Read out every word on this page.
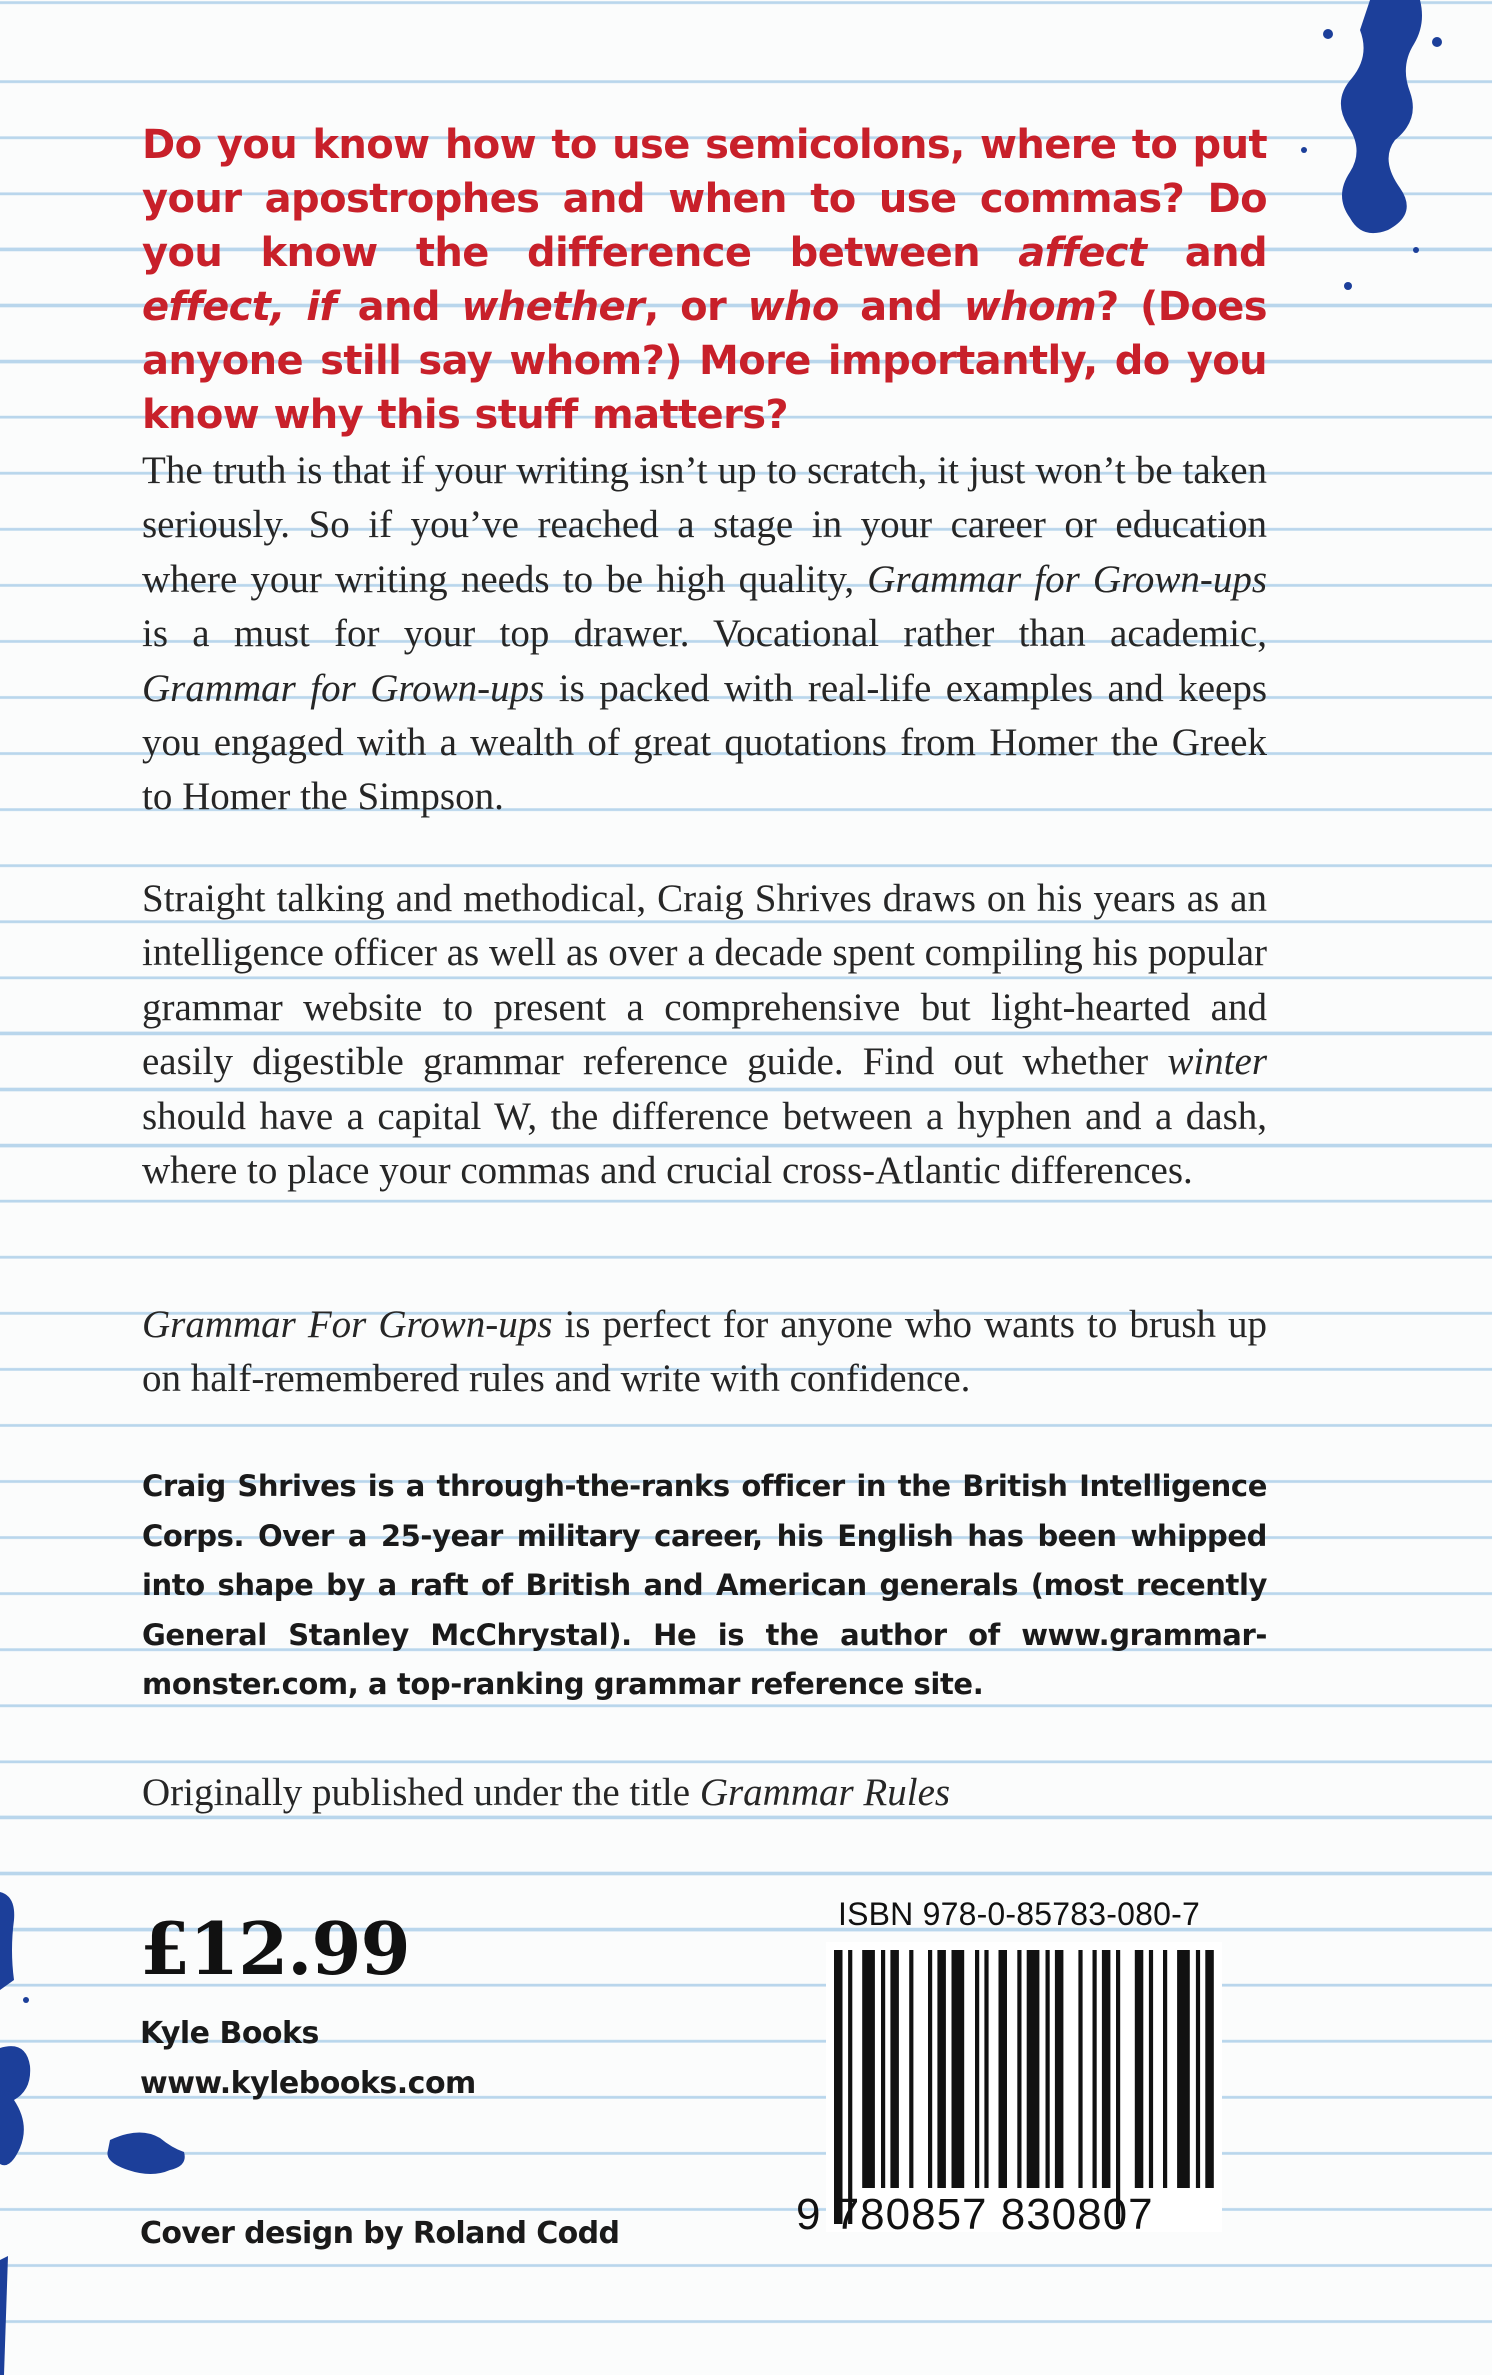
Do you know how to use semicolons, where to put your apostrophes and when to use commas? Do you know the difference between affect and effect, if and whether, or who and whom? (Does anyone still say whom?) More importantly, do you know why this stuff matters?

The truth is that if your writing isn’t up to scratch, it just won’t be taken seriously. So if you’ve reached a stage in your career or education where your writing needs to be high quality, Grammar for Grown-ups is a must for your top drawer. Vocational rather than academic, Grammar for Grown-ups is packed with real-life examples and keeps you engaged with a wealth of great quotations from Homer the Greek to Homer the Simpson.

Straight talking and methodical, Craig Shrives draws on his years as an intelligence officer as well as over a decade spent compiling his popular grammar website to present a comprehensive but light-hearted and easily digestible grammar reference guide. Find out whether winter should have a capital W, the difference between a hyphen and a dash, where to place your commas and crucial cross-Atlantic differences.

Grammar For Grown-ups is perfect for anyone who wants to brush up on half-remembered rules and write with confidence.

Craig Shrives is a through-the-ranks officer in the British Intelligence Corps. Over a 25-year military career, his English has been whipped into shape by a raft of British and American generals (most recently General Stanley McChrystal). He is the author of www.grammar-monster.com, a top-ranking grammar reference site.

Originally published under the title Grammar Rules

£12.99
Kyle Books
www.kylebooks.com
Cover design by Roland Codd
ISBN 978-0-85783-080-7
9 780857 830807
